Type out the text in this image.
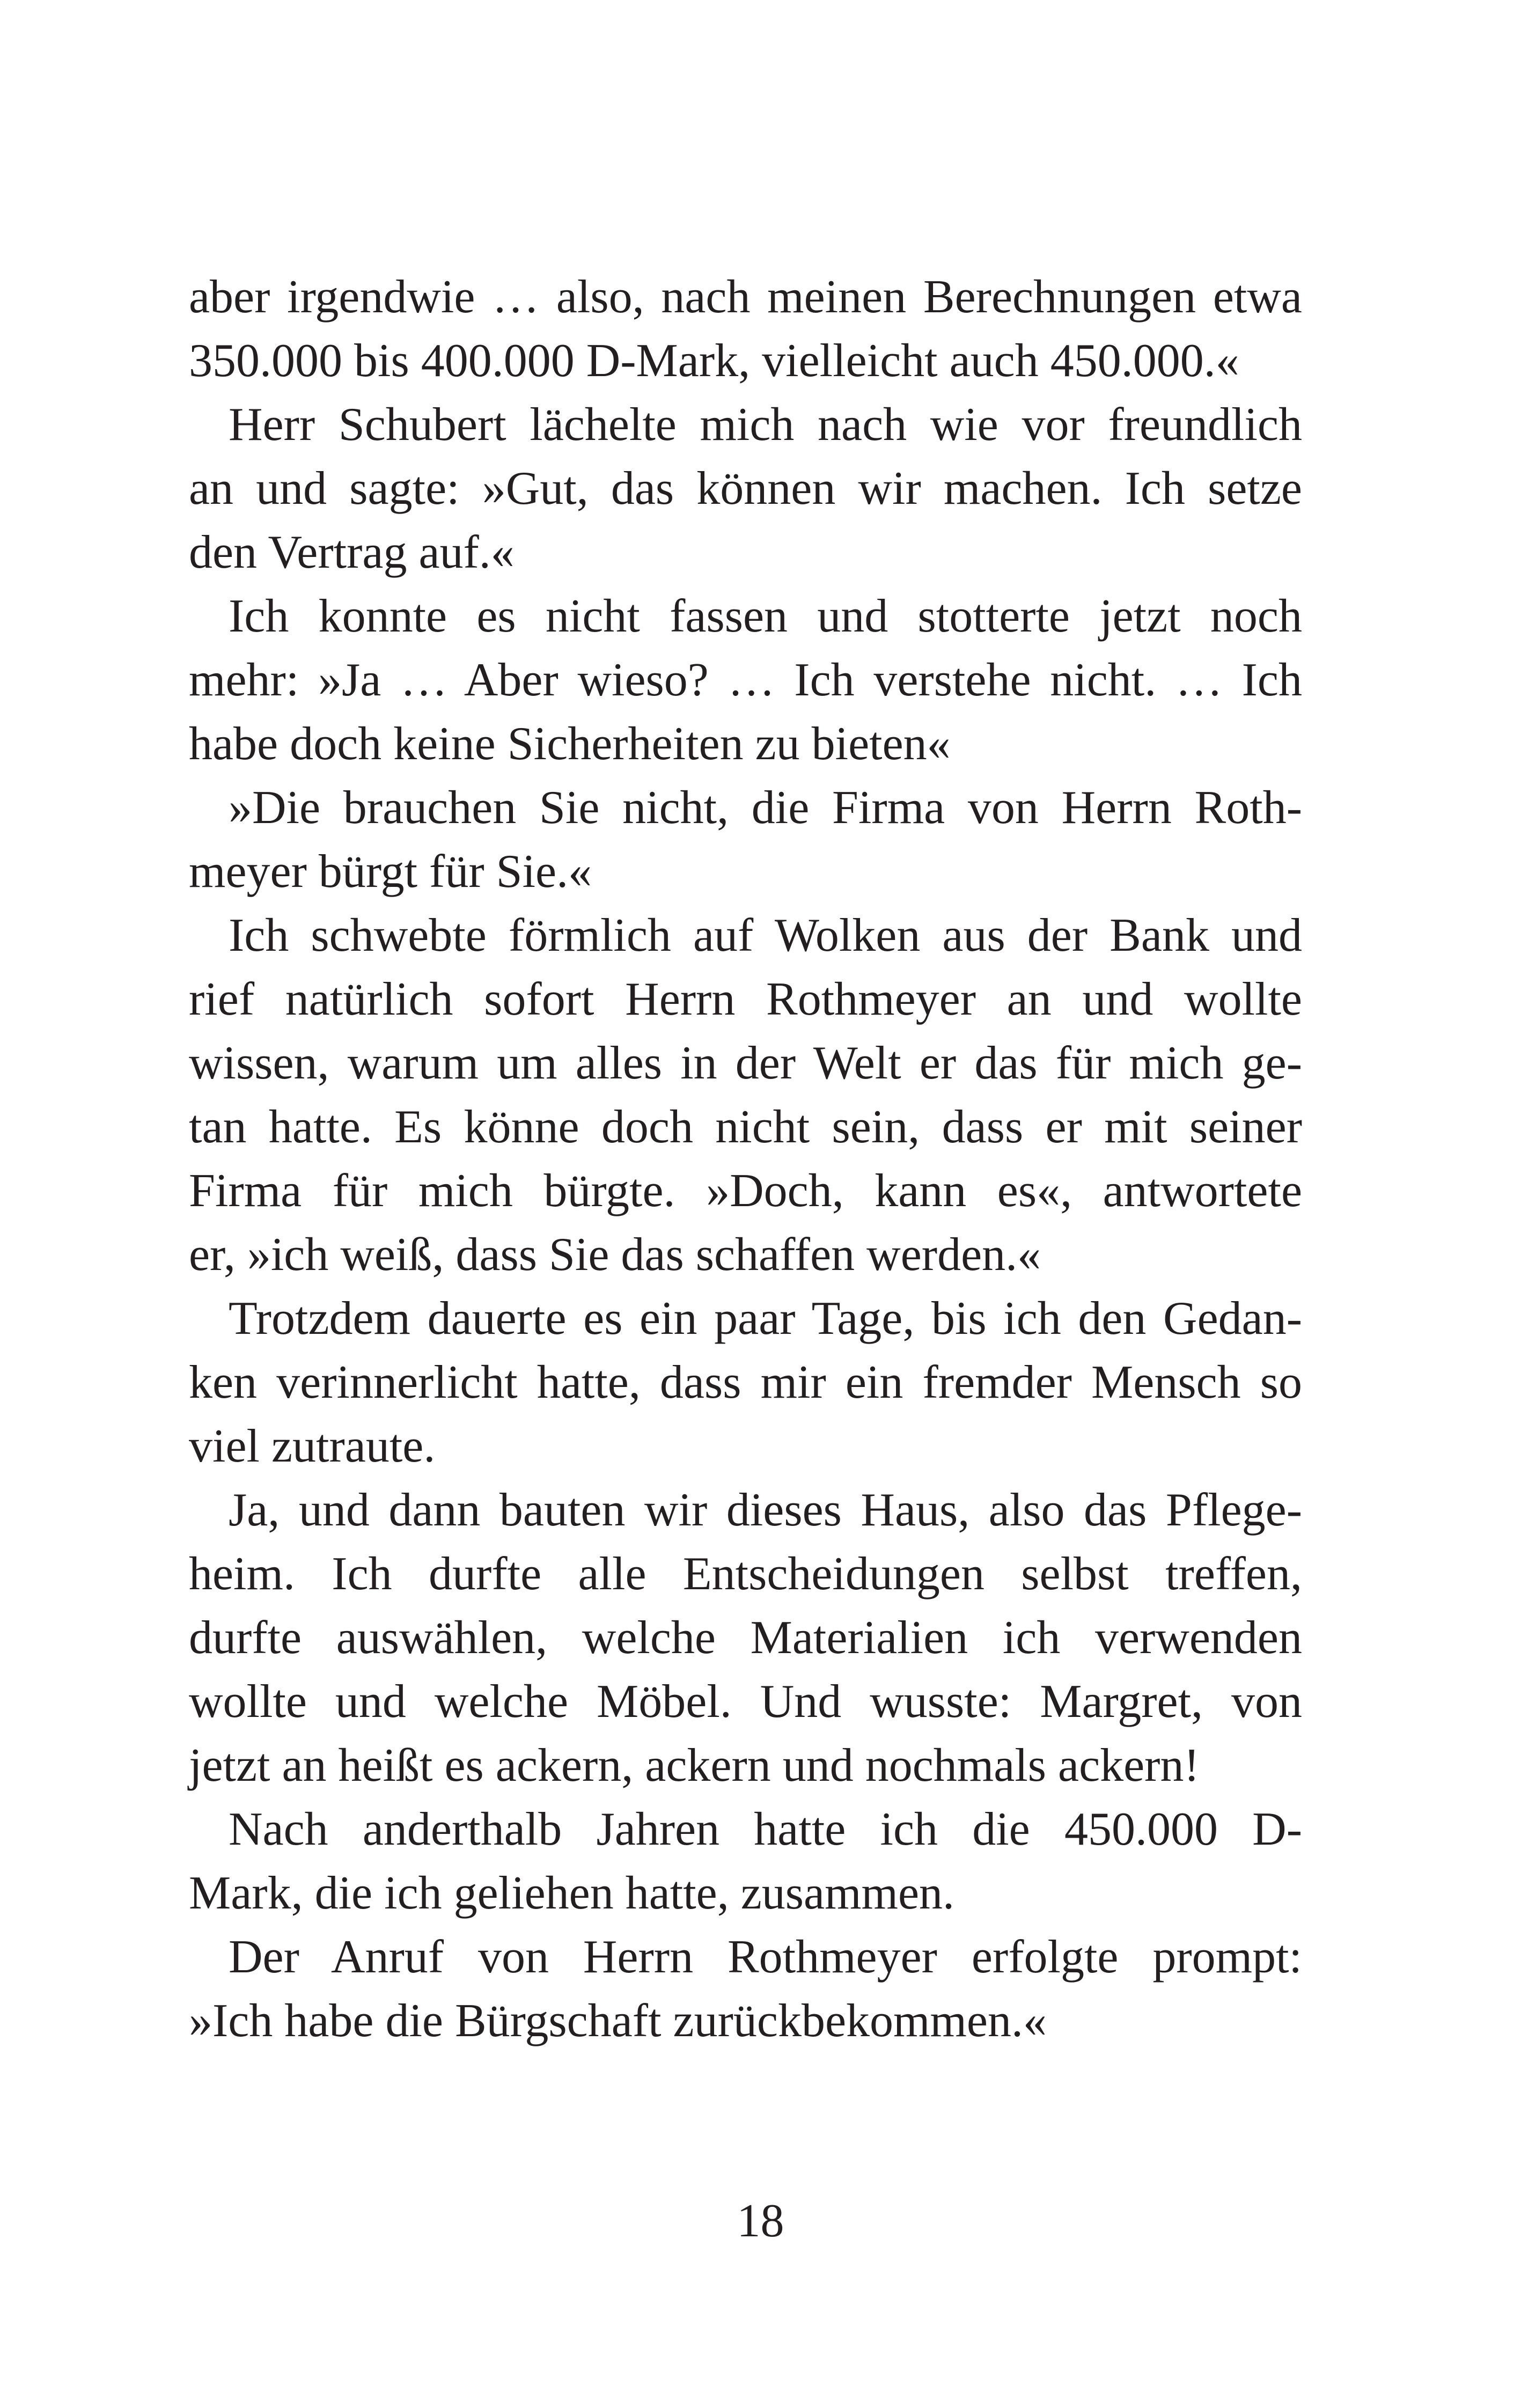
aber irgendwie … also, nach meinen Berechnungen etwa
350.000 bis 400.000 D-Mark, vielleicht auch 450.000.«
Herr Schubert lächelte mich nach wie vor freundlich
an und sagte: »Gut, das können wir machen. Ich setze
den Vertrag auf.«
Ich konnte es nicht fassen und stotterte jetzt noch
mehr: »Ja … Aber wieso? … Ich verstehe nicht. … Ich
habe doch keine Sicherheiten zu bieten«
»Die brauchen Sie nicht, die Firma von Herrn Roth-
meyer bürgt für Sie.«
Ich schwebte förmlich auf Wolken aus der Bank und
rief natürlich sofort Herrn Rothmeyer an und wollte
wissen, warum um alles in der Welt er das für mich ge-
tan hatte. Es könne doch nicht sein, dass er mit seiner
Firma für mich bürgte. »Doch, kann es«, antwortete
er, »ich weiß, dass Sie das schaffen werden.«
Trotzdem dauerte es ein paar Tage, bis ich den Gedan-
ken verinnerlicht hatte, dass mir ein fremder Mensch so
viel zutraute.
Ja, und dann bauten wir dieses Haus, also das Pflege-
heim. Ich durfte alle Entscheidungen selbst treffen,
durfte auswählen, welche Materialien ich verwenden
wollte und welche Möbel. Und wusste: Margret, von
jetzt an heißt es ackern, ackern und nochmals ackern!
Nach anderthalb Jahren hatte ich die 450.000 D-
Mark, die ich geliehen hatte, zusammen.
Der Anruf von Herrn Rothmeyer erfolgte prompt:
»Ich habe die Bürgschaft zurückbekommen.«
18
